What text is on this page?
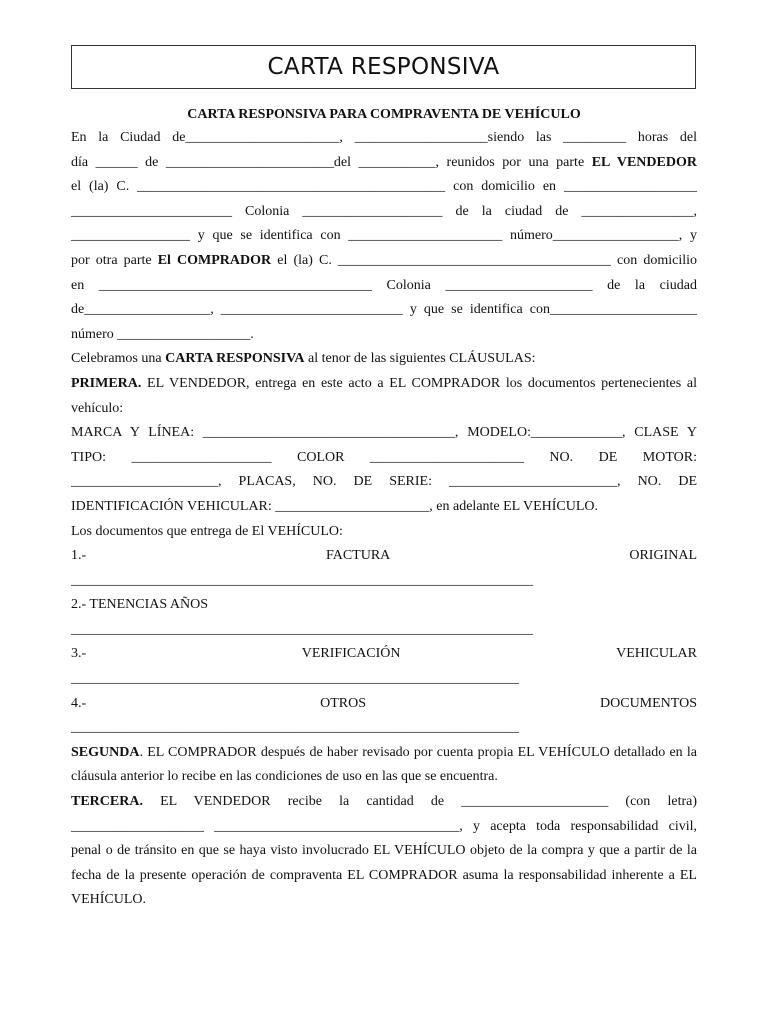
CARTA RESPONSIVA

CARTA RESPONSIVA PARA COMPRAVENTA DE VEHÍCULO

En la Ciudad de______________________, ___________________siendo las _________ horas del

día ______ de ________________________del ___________, reunidos por una parte EL VENDEDOR

el (la) C. ____________________________________________ con domicilio en ___________________

_______________________ Colonia ____________________ de la ciudad de ________________,

_________________ y que se identifica con ______________________ número__________________, y

por otra parte El COMPRADOR el (la) C. _______________________________________ con domicilio

en _______________________________________ Colonia _____________________ de la ciudad

de__________________, __________________________ y que se identifica con_____________________

número ___________________.

Celebramos una CARTA RESPONSIVA al tenor de las siguientes CLÁUSULAS:

PRIMERA. EL VENDEDOR, entrega en este acto a EL COMPRADOR los documentos pertenecientes al

vehículo:

MARCA Y LÍNEA: ____________________________________, MODELO:_____________, CLASE Y

TIPO: ____________________ COLOR ______________________ NO. DE MOTOR:

_____________________, PLACAS, NO. DE SERIE: ________________________, NO. DE

IDENTIFICACIÓN VEHICULAR: ______________________, en adelante EL VEHÍCULO.

Los documentos que entrega de El VEHÍCULO:

1.- FACTURA ORIGINAL

__________________________________________________________________

2.- TENENCIAS AÑOS

__________________________________________________________________

3.- VERIFICACIÓN VEHICULAR

________________________________________________________________

4.- OTROS DOCUMENTOS

________________________________________________________________

SEGUNDA. EL COMPRADOR después de haber revisado por cuenta propia EL VEHÍCULO detallado en la

cláusula anterior lo recibe en las condiciones de uso en las que se encuentra.

TERCERA. EL VENDEDOR recibe la cantidad de _____________________ (con letra)

___________________ ___________________________________, y acepta toda responsabilidad civil,

penal o de tránsito en que se haya visto involucrado EL VEHÍCULO objeto de la compra y que a partir de la

fecha de la presente operación de compraventa EL COMPRADOR asuma la responsabilidad inherente a EL

VEHÍCULO.
